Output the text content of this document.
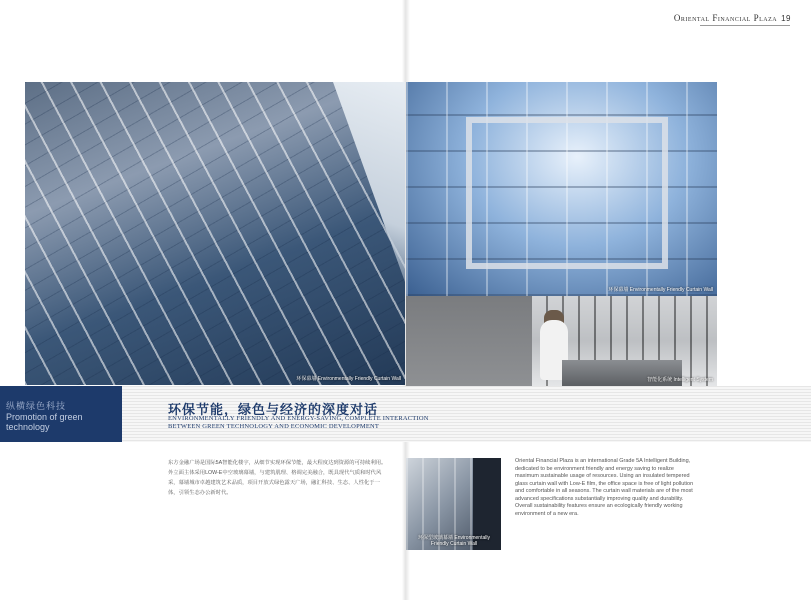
Oriental Financial Plaza 19
环保幕墙 Environmentally Friendly Curtain Wall
环保幕墙 Environmentally Friendly Curtain Wall
智能化系统 Intelligent System
纵横绿色科技
Promotion of green technology
环保节能，绿色与经济的深度对话
ENVIRONMENTALLY FRIENDLY AND ENERGY-SAVING, COMPLETE INTERACTION
BETWEEN GREEN TECHNOLOGY AND ECONOMIC DEVELOPMENT
东方金融广场是国际5A智能化楼宇，从细节实现环保节能，最大程度达到资源的可持续利用。外立面主体采用LOW-E中空玻璃幕墙，与建筑肌理、格调完美融合，既具现代气质和时代风采，幕墙城市卓越建筑艺术品质，项目开放式绿色露天广场，融汇科技、生态、人性化于一体，引领生态办公新时代。
环保型玻璃幕墙 Environmentally Friendly Curtain Wall
Oriental Financial Plaza is an international Grade 5A Intelligent Building, dedicated to be environment friendly and energy saving to realize maximum sustainable usage of resources. Using an insulated tempered glass curtain wall with Low-E film, the office space is free of light pollution and comfortable in all seasons. The curtain wall materials are of the most advanced specifications substantially improving quality and durability. Overall sustainability features ensure an ecologically friendly working environment of a new era.
